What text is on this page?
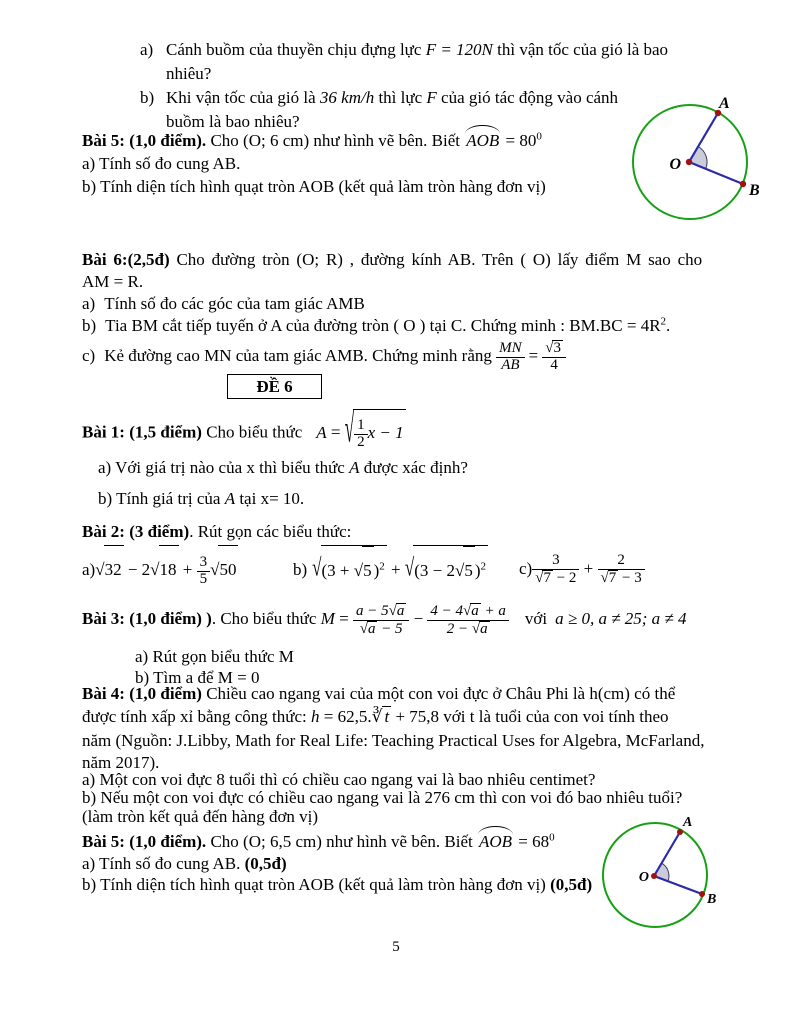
a) Cánh buồm của thuyền chịu đựng lực F = 120N thì vận tốc của gió là bao
nhiêu?
b) Khi vận tốc của gió là 36 km/h thì lực F của gió tác động vào cánh
buồm là bao nhiêu?
Bài 5: (1,0 điểm). Cho (O; 6 cm) như hình vẽ bên. Biết AOB = $80^0$
a) Tính số đo cung AB.
b) Tính diện tích hình quạt tròn AOB (kết quả làm tròn hàng đơn vị)
A
O
B
Bài 6:(2,5đ) Cho đường tròn (O; R) , đường kính AB. Trên ( O) lấy điểm M sao cho
AM = R.
a) Tính số đo các góc của tam giác AMB
b) Tia BM cắt tiếp tuyến ở A của đường tròn ( O ) tại C. Chứng minh : $BM.BC = 4R^2$.
c) Kẻ đường cao MN của tam giác AMB. Chứng minh rằng $\frac{MN}{AB} = \frac{√3}{4}$
ĐỀ 6
Bài 1: (1,5 điểm) Cho biểu thức A = √ $\frac{1}{2}$ x − 1
a) Với giá trị nào của x thì biểu thức A được xác định?
b) Tính giá trị của A tại x= 10.
Bài 2: (3 điểm). Rút gọn các biểu thức:
$a)√32 - 2√18 + \frac{3}{5} √50$	b) √ (3 + √5 )$^2$ + √ (3 − 2√5 )$^2$ $c) \frac{3}{√7 - 2} + \frac{2}{√7 - 3}$
Bài 3: (1,0 điểm) ). Cho biểu thức $M = \frac{a - 5√a}{√a - 5} - \frac{4 - 4√a + a}{2 - √a}$ với a ≥ 0, a ≠ 25; a ≠ 4
a) Rút gọn biểu thức M
b) Tìm a để M = 0
Bài 4: (1,0 điểm) Chiều cao ngang vai của một con voi đực ở Châu Phi là h(cm) có thể
được tính xấp xỉ bằng công thức: h = 62,5.∛ t + 75,8 với t là tuổi của con voi tính theo
năm (Nguồn: J.Libby, Math for Real Life: Teaching Practical Uses for Algebra, McFarland,
năm 2017).
a) Một con voi đực 8 tuổi thì có chiều cao ngang vai là bao nhiêu centimet?
b) Nếu một con voi đực có chiều cao ngang vai là 276 cm thì con voi đó bao nhiêu tuổi?
(làm tròn kết quả đến hàng đơn vị)
Bài 5: (1,0 điểm). Cho (O; 6,5 cm) như hình vẽ bên. Biết AOB = $68^0$
a) Tính số đo cung AB. (0,5đ)
b) Tính diện tích hình quạt tròn AOB (kết quả làm tròn hàng đơn vị) (0,5đ)
A
O
B
5
